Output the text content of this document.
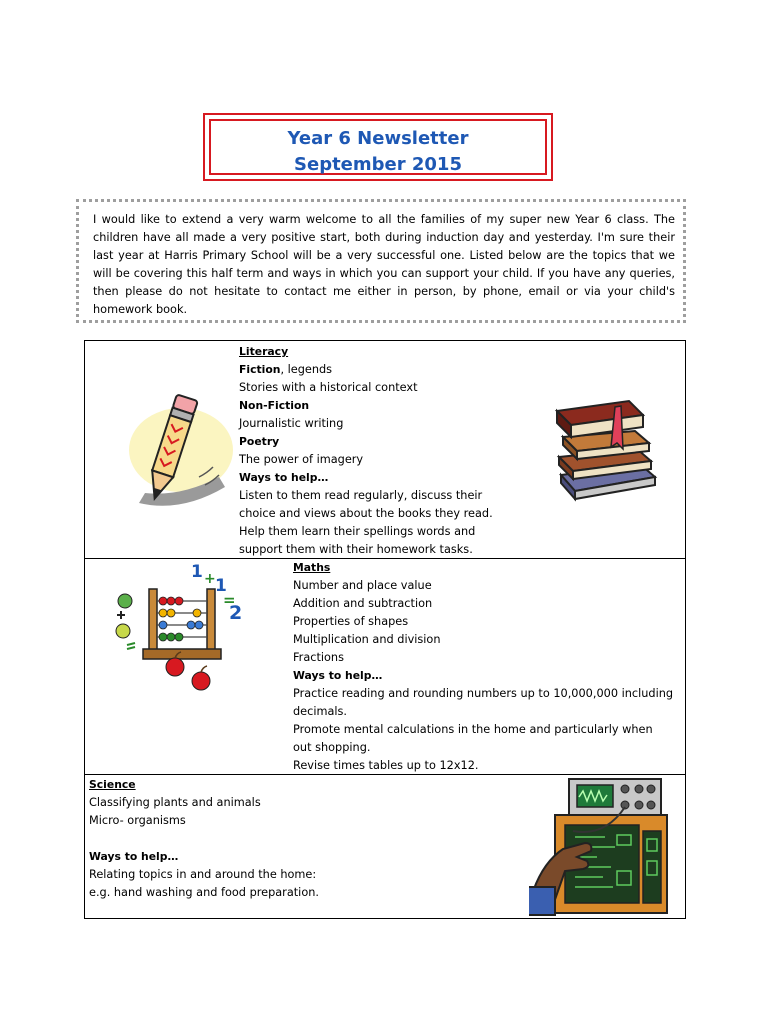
Year 6 Newsletter
September 2015
I would like to extend a very warm welcome to all the families of my super new Year 6 class. The children have all made a very positive start, both during induction day and yesterday. I'm sure their last year at Harris Primary School will be a very successful one. Listed below are the topics that we will be covering this half term and ways in which you can support your child. If you have any queries, then please do not hesitate to contact me either in person, by phone, email or via your child's homework book.
Literacy
Fiction, legends
Stories with a historical context
Non-Fiction
Journalistic writing
Poetry
The power of imagery
Ways to help…
Listen to them read regularly, discuss their
choice and views about the books they read.
Help them learn their spellings words and
support them with their homework tasks.
1 + 1
=
2
Maths
Number and place value
Addition and subtraction
Properties of shapes
Multiplication and division
Fractions
Ways to help…
Practice reading and rounding numbers up to 10,000,000 including
decimals.
Promote mental calculations in the home and particularly when
out shopping.
Revise times tables up to 12x12.
Science
Classifying plants and animals
Micro- organisms

Ways to help…
Relating topics in and around the home:
e.g. hand washing and food preparation.
